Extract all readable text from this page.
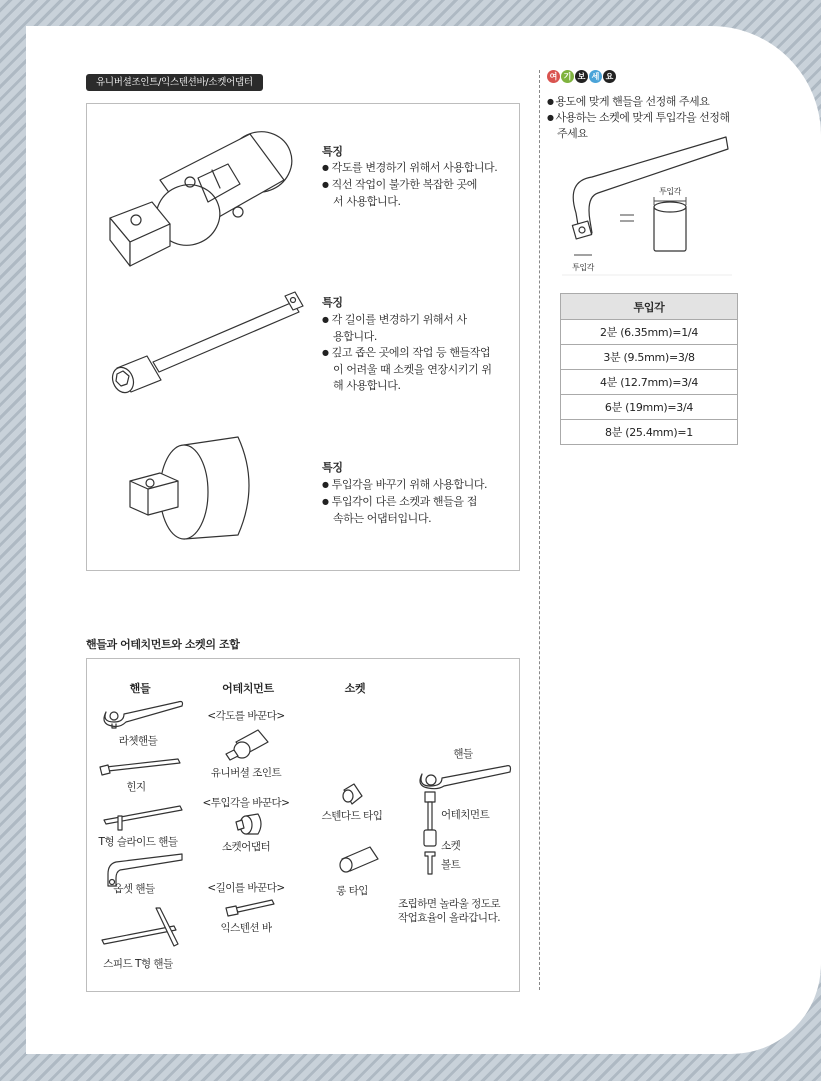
유니버셜조인트/익스텐션바/소켓어댑터
특징
● 각도를 변경하기 위해서 사용합니다.
● 직선 작업이 불가한 복잡한 곳에서 사용합니다.
특징
● 각 길이를 변경하기 위해서 사용합니다.
● 깊고 좁은 곳에의 작업 등 핸들작업이 어려울 때 소켓을 연장시키기 위해 사용합니다.
특징
● 투입각을 바꾸기 위해 사용합니다.
● 투입각이 다른 소켓과 핸들을 접속하는 어댑터입니다.
핸들과 어테치먼트와 소켓의 조합
핸들	어테치먼트	소켓
라쳇핸들
힌지
T형 슬라이드 핸들
옵셋 핸들
스피드 T형 핸들
<각도를 바꾼다>
유니버셜 조인트
<투입각을 바꾼다>
소켓어댑터
<길이를 바꾼다>
익스텐션 바
스텐다드 타입
롱 타입
핸들
어테치먼트
소켓
볼트
조립하면 놀라울 정도로
작업효율이 올라갑니다.
여 기 보 세 요
● 용도에 맞게 핸들을 선정해 주세요
● 사용하는 소켓에 맞게 투입각을 선정해 주세요
투입각
투입각
투입각
2분 (6.35mm)=1/4
3분 (9.5mm)=3/8
4분 (12.7mm)=3/4
6분 (19mm)=3/4
8분 (25.4mm)=1
